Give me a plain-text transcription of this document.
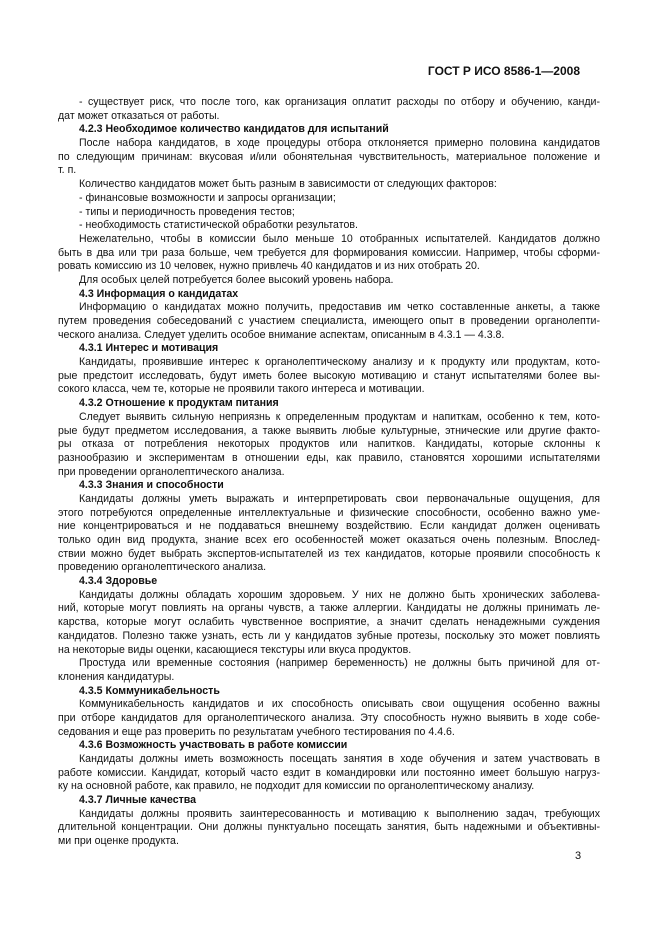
ГОСТ Р ИСО 8586-1—2008
- существует риск, что после того, как организация оплатит расходы по отбору и обучению, канди-
дат может отказаться от работы.
4.2.3 Необходимое количество кандидатов для испытаний
После набора кандидатов, в ходе процедуры отбора отклоняется примерно половина кандидатов
по следующим причинам: вкусовая и/или обонятельная чувствительность, материальное положение и
т. п.
Количество кандидатов может быть разным в зависимости от следующих факторов:
- финансовые возможности и запросы организации;
- типы и периодичность проведения тестов;
- необходимость статистической обработки результатов.
Нежелательно, чтобы в комиссии было меньше 10 отобранных испытателей. Кандидатов должно
быть в два или три раза больше, чем требуется для формирования комиссии. Например, чтобы сформи-
ровать комиссию из 10 человек, нужно привлечь 40 кандидатов и из них отобрать 20.
Для особых целей потребуется более высокий уровень набора.
4.3 Информация о кандидатах
Информацию о кандидатах можно получить, предоставив им четко составленные анкеты, а также
путем проведения собеседований с участием специалиста, имеющего опыт в проведении органолепти-
ческого анализа. Следует уделить особое внимание аспектам, описанным в 4.3.1 — 4.3.8.
4.3.1 Интерес и мотивация
Кандидаты, проявившие интерес к органолептическому анализу и к продукту или продуктам, кото-
рые предстоит исследовать, будут иметь более высокую мотивацию и станут испытателями более вы-
сокого класса, чем те, которые не проявили такого интереса и мотивации.
4.3.2 Отношение к продуктам питания
Следует выявить сильную неприязнь к определенным продуктам и напиткам, особенно к тем, кото-
рые будут предметом исследования, а также выявить любые культурные, этнические или другие факто-
ры отказа от потребления некоторых продуктов или напитков. Кандидаты, которые склонны к
разнообразию и экспериментам в отношении еды, как правило, становятся хорошими испытателями
при проведении органолептического анализа.
4.3.3 Знания и способности
Кандидаты должны уметь выражать и интерпретировать свои первоначальные ощущения, для
этого потребуются определенные интеллектуальные и физические способности, особенно важно уме-
ние концентрироваться и не поддаваться внешнему воздействию. Если кандидат должен оценивать
только один вид продукта, знание всех его особенностей может оказаться очень полезным. Впослед-
ствии можно будет выбрать экспертов-испытателей из тех кандидатов, которые проявили способность к
проведению органолептического анализа.
4.3.4 Здоровье
Кандидаты должны обладать хорошим здоровьем. У них не должно быть хронических заболева-
ний, которые могут повлиять на органы чувств, а также аллергии. Кандидаты не должны принимать ле-
карства, которые могут ослабить чувственное восприятие, а значит сделать ненадежными суждения
кандидатов. Полезно также узнать, есть ли у кандидатов зубные протезы, поскольку это может повлиять
на некоторые виды оценки, касающиеся текстуры или вкуса продуктов.
Простуда или временные состояния (например беременность) не должны быть причиной для от-
клонения кандидатуры.
4.3.5 Коммуникабельность
Коммуникабельность кандидатов и их способность описывать свои ощущения особенно важны
при отборе кандидатов для органолептического анализа. Эту способность нужно выявить в ходе собе-
седования и еще раз проверить по результатам учебного тестирования по 4.4.6.
4.3.6 Возможность участвовать в работе комиссии
Кандидаты должны иметь возможность посещать занятия в ходе обучения и затем участвовать в
работе комиссии. Кандидат, который часто ездит в командировки или постоянно имеет большую нагруз-
ку на основной работе, как правило, не подходит для комиссии по органолептическому анализу.
4.3.7 Личные качества
Кандидаты должны проявить заинтересованность и мотивацию к выполнению задач, требующих
длительной концентрации. Они должны пунктуально посещать занятия, быть надежными и объективны-
ми при оценке продукта.
3
